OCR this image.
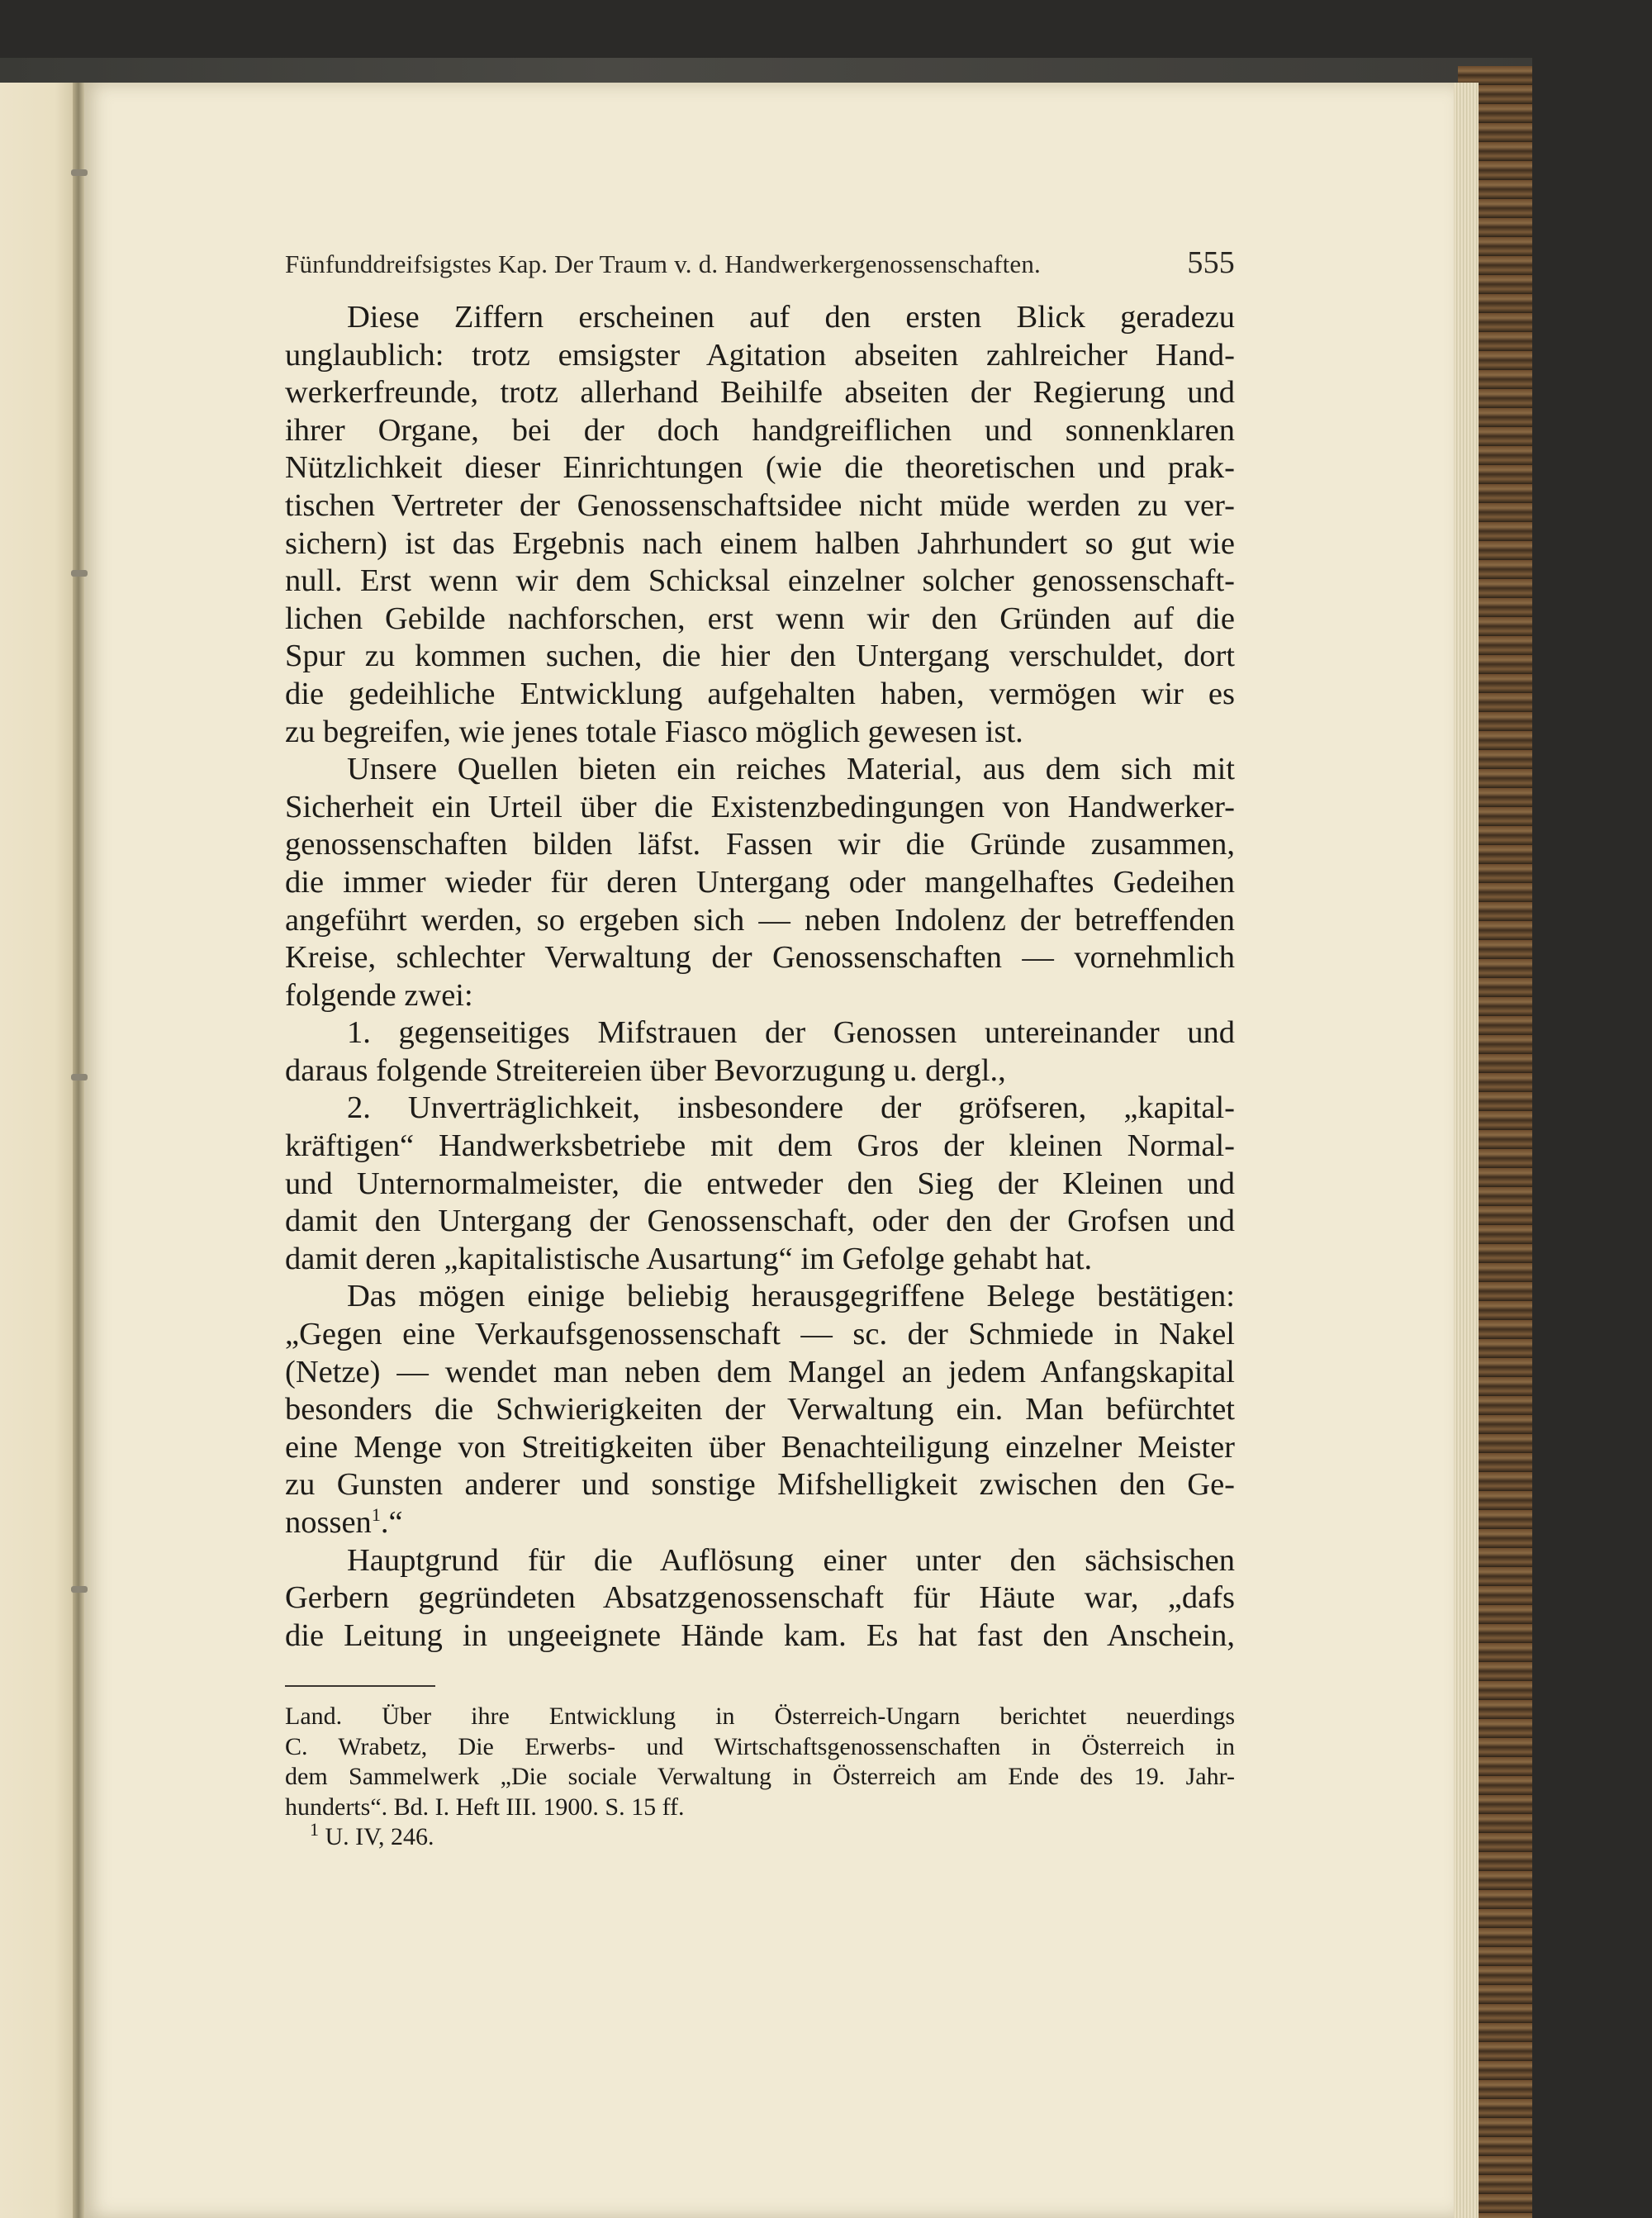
Fünfunddreifsigstes Kap. Der Traum v. d. Handwerkergenossenschaften.	555
Diese Ziffern erscheinen auf den ersten Blick geradezu
unglaublich: trotz emsigster Agitation abseiten zahlreicher Hand-
werkerfreunde, trotz allerhand Beihilfe abseiten der Regierung und
ihrer Organe, bei der doch handgreiflichen und sonnenklaren
Nützlichkeit dieser Einrichtungen (wie die theoretischen und prak-
tischen Vertreter der Genossenschaftsidee nicht müde werden zu ver-
sichern) ist das Ergebnis nach einem halben Jahrhundert so gut wie
null. Erst wenn wir dem Schicksal einzelner solcher genossenschaft-
lichen Gebilde nachforschen, erst wenn wir den Gründen auf die
Spur zu kommen suchen, die hier den Untergang verschuldet, dort
die gedeihliche Entwicklung aufgehalten haben, vermögen wir es
zu begreifen, wie jenes totale Fiasco möglich gewesen ist.
Unsere Quellen bieten ein reiches Material, aus dem sich mit
Sicherheit ein Urteil über die Existenzbedingungen von Handwerker-
genossenschaften bilden läfst. Fassen wir die Gründe zusammen,
die immer wieder für deren Untergang oder mangelhaftes Gedeihen
angeführt werden, so ergeben sich — neben Indolenz der betreffenden
Kreise, schlechter Verwaltung der Genossenschaften — vornehmlich
folgende zwei:
1. gegenseitiges Mifstrauen der Genossen untereinander und
daraus folgende Streitereien über Bevorzugung u. dergl.,
2. Unverträglichkeit, insbesondere der gröfseren, „kapital-
kräftigen“ Handwerksbetriebe mit dem Gros der kleinen Normal-
und Unternormalmeister, die entweder den Sieg der Kleinen und
damit den Untergang der Genossenschaft, oder den der Grofsen und
damit deren „kapitalistische Ausartung“ im Gefolge gehabt hat.
Das mögen einige beliebig herausgegriffene Belege bestätigen:
„Gegen eine Verkaufsgenossenschaft — sc. der Schmiede in Nakel
(Netze) — wendet man neben dem Mangel an jedem Anfangskapital
besonders die Schwierigkeiten der Verwaltung ein. Man befürchtet
eine Menge von Streitigkeiten über Benachteiligung einzelner Meister
zu Gunsten anderer und sonstige Mifshelligkeit zwischen den Ge-
nossen$^1$.“
Hauptgrund für die Auflösung einer unter den sächsischen
Gerbern gegründeten Absatzgenossenschaft für Häute war, „dafs
die Leitung in ungeeignete Hände kam. Es hat fast den Anschein,
Land. Über ihre Entwicklung in Österreich-Ungarn berichtet neuerdings
C. Wrabetz, Die Erwerbs- und Wirtschaftsgenossenschaften in Österreich in
dem Sammelwerk „Die sociale Verwaltung in Österreich am Ende des 19. Jahr-
hunderts“. Bd. I. Heft III. 1900. S. 15 ff.
$^1$ U. IV, 246.
